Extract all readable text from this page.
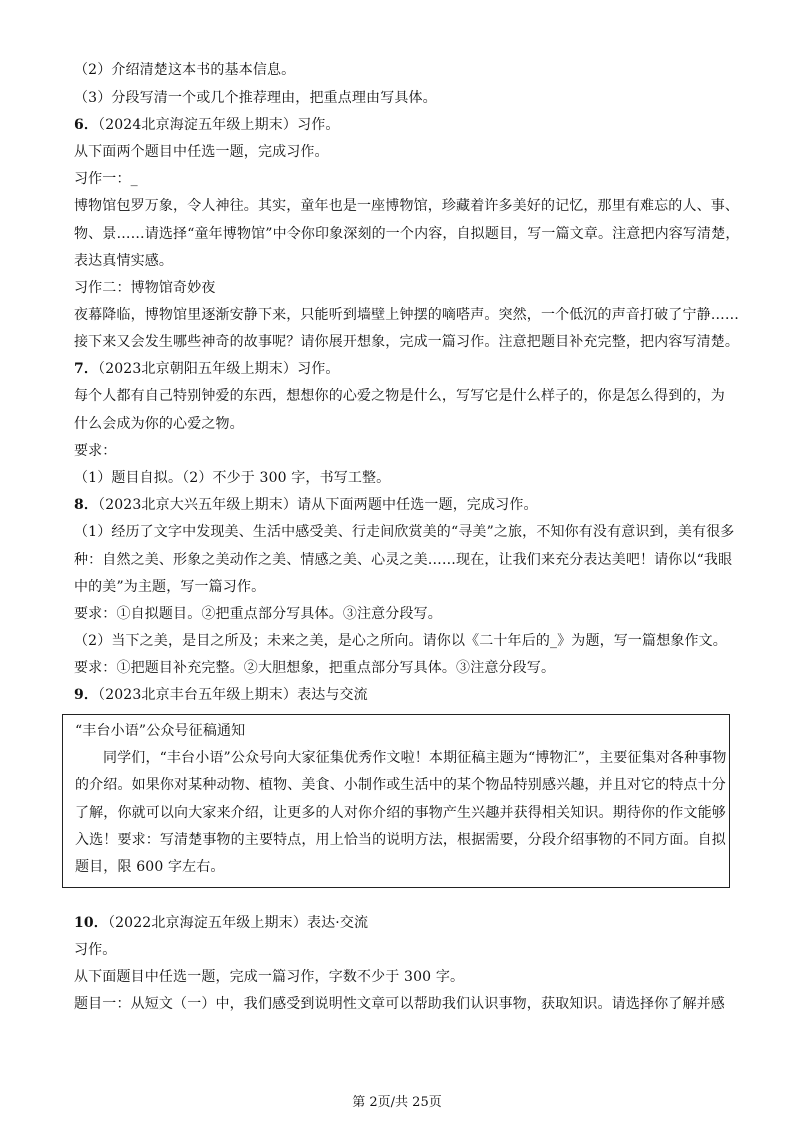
（2）介绍清楚这本书的基本信息。
（3）分段写清一个或几个推荐理由，把重点理由写具体。
6．（2024北京海淀五年级上期末）习作。
从下面两个题目中任选一题，完成习作。
习作一：_
博物馆包罗万象，令人神往。其实，童年也是一座博物馆，珍藏着许多美好的记忆，那里有难忘的人、事、
物、景……请选择“童年博物馆”中令你印象深刻的一个内容，自拟题目，写一篇文章。注意把内容写清楚，
表达真情实感。
习作二：博物馆奇妙夜
夜幕降临，博物馆里逐渐安静下来，只能听到墙壁上钟摆的嘀嗒声。突然，一个低沉的声音打破了宁静……
接下来又会发生哪些神奇的故事呢？请你展开想象，完成一篇习作。注意把题目补充完整，把内容写清楚。
7．（2023北京朝阳五年级上期末）习作。
每个人都有自己特别钟爱的东西，想想你的心爱之物是什么，写写它是什么样子的，你是怎么得到的，为
什么会成为你的心爱之物。
要求：
（1）题目自拟。（2）不少于 300 字，书写工整。
8．（2023北京大兴五年级上期末）请从下面两题中任选一题，完成习作。
（1）经历了文字中发现美、生活中感受美、行走间欣赏美的“寻美”之旅，不知你有没有意识到，美有很多
种：自然之美、形象之美动作之美、情感之美、心灵之美……现在，让我们来充分表达美吧！请你以“我眼
中的美”为主题，写一篇习作。
要求：①自拟题目。②把重点部分写具体。③注意分段写。
（2）当下之美，是目之所及；未来之美，是心之所向。请你以《二十年后的_》为题，写一篇想象作文。
要求：①把题目补充完整。②大胆想象，把重点部分写具体。③注意分段写。
9．（2023北京丰台五年级上期末）表达与交流
“丰台小语”公众号征稿通知
同学们，“丰台小语”公众号向大家征集优秀作文啦！本期征稿主题为“博物汇”，主要征集对各种事物
的介绍。如果你对某种动物、植物、美食、小制作或生活中的某个物品特别感兴趣，并且对它的特点十分
了解，你就可以向大家来介绍，让更多的人对你介绍的事物产生兴趣并获得相关知识。期待你的作文能够
入选！要求：写清楚事物的主要特点，用上恰当的说明方法，根据需要，分段介绍事物的不同方面。自拟
题目，限 600 字左右。
10．（2022北京海淀五年级上期末）表达·交流
习作。
从下面题目中任选一题，完成一篇习作，字数不少于 300 字。
题目一：从短文（一）中，我们感受到说明性文章可以帮助我们认识事物，获取知识。请选择你了解并感
第 2页/共 25页
